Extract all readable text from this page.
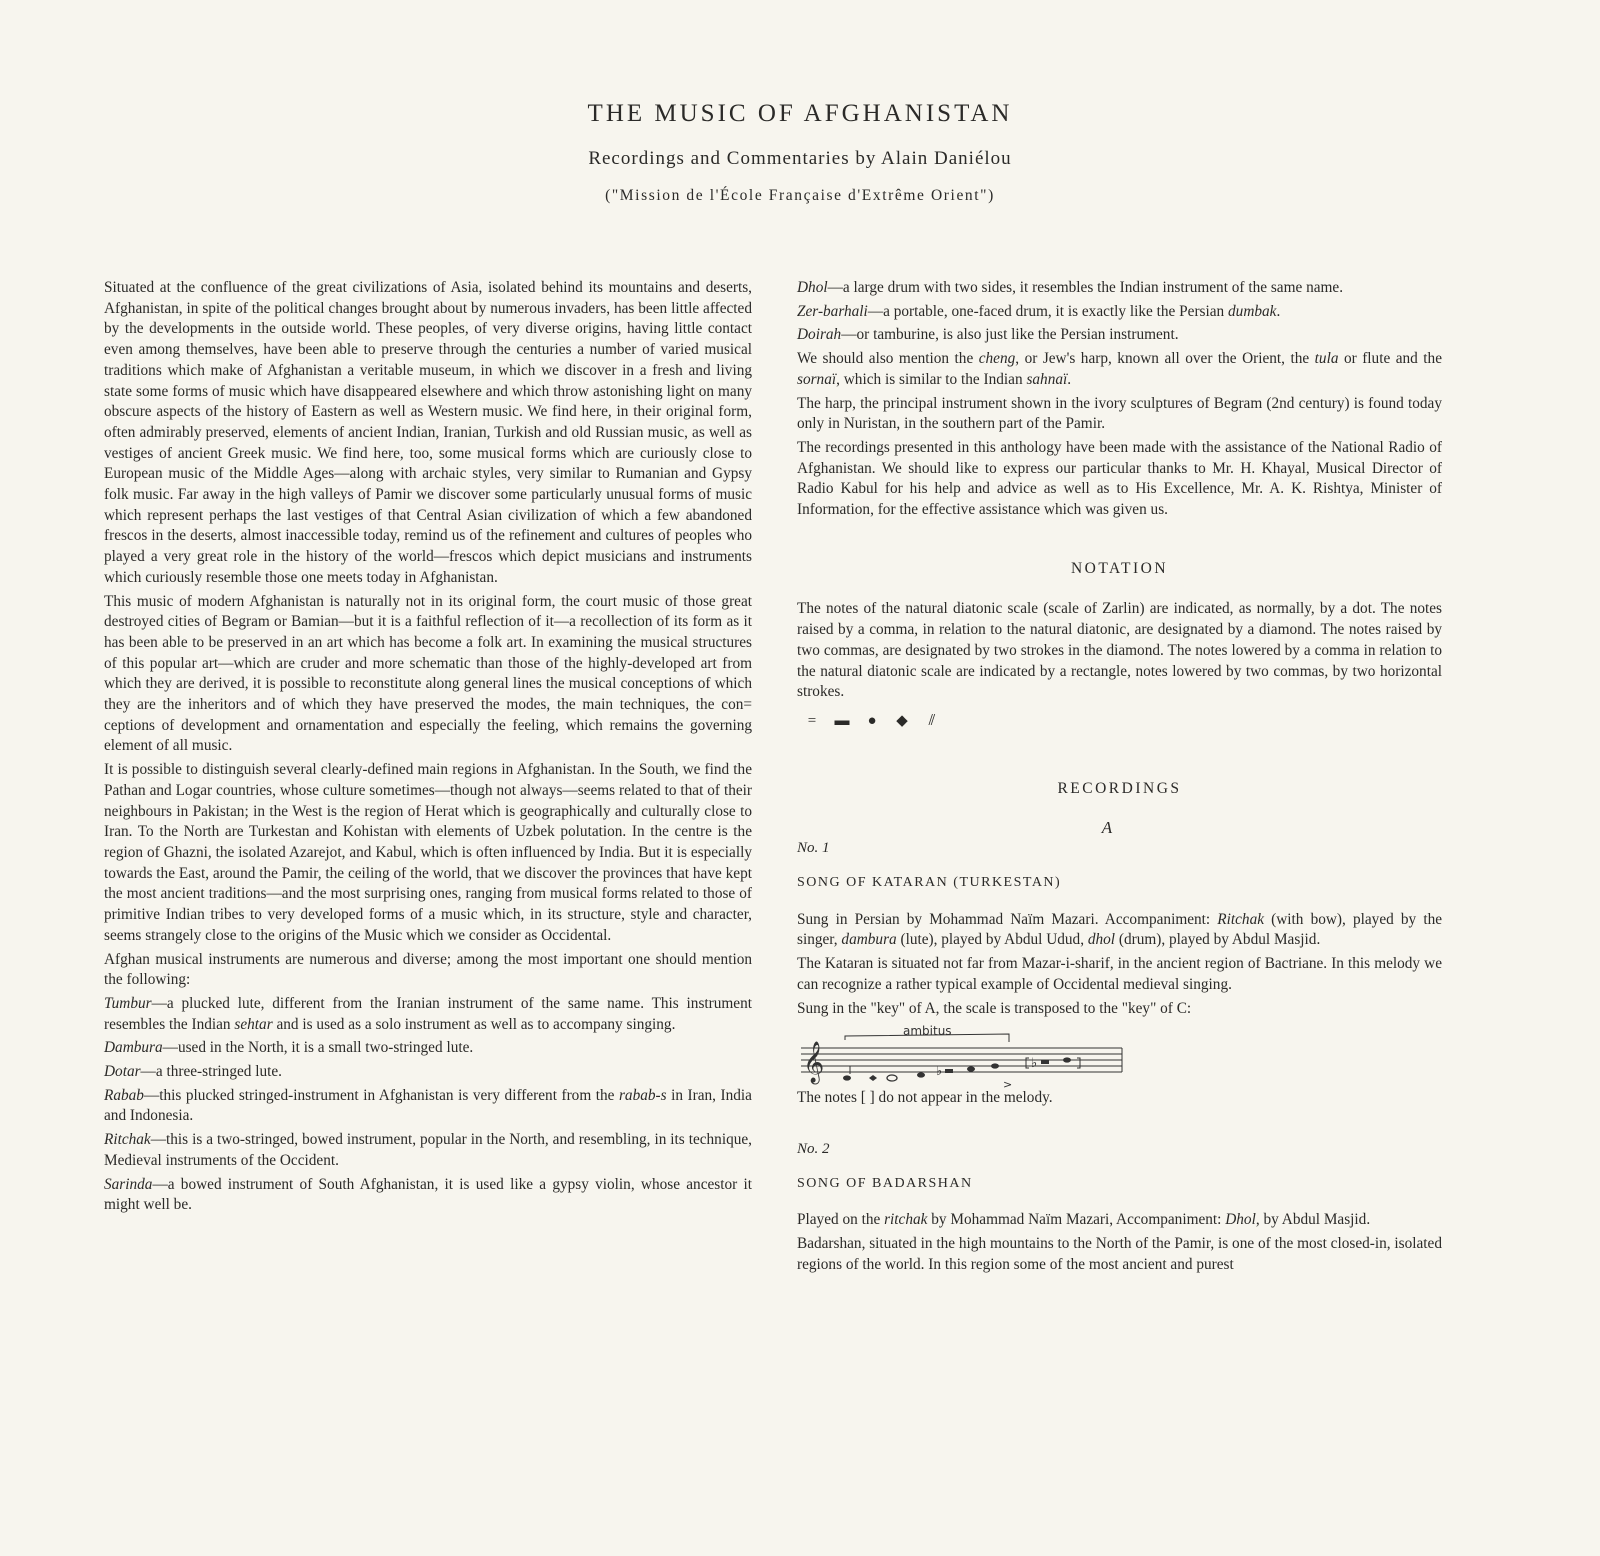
THE MUSIC OF AFGHANISTAN
Recordings and Commentaries by Alain Daniélou
("Mission de l'École Française d'Extrême Orient")

Situated at the confluence of the great civilizations of Asia, isolated behind its mountains and deserts, Afghanistan, in spite of the political changes brought about by numerous invaders, has been little affected by the developments in the outside world. These peoples, of very diverse origins, having little contact even among themselves, have been able to preserve through the centuries a number of varied musical traditions which make of Afghanistan a veritable museum, in which we discover in a fresh and living state some forms of music which have disappeared elsewhere and which throw astonishing light on many obscure aspects of the history of Eastern as well as Western music. We find here, in their original form, often admirably preserved, elements of ancient Indian, Iranian, Turkish and old Russian music, as well as vestiges of ancient Greek music. We find here, too, some musical forms which are curiously close to European music of the Middle Ages—along with archaic styles, very similar to Rumanian and Gypsy folk music. Far away in the high valleys of Pamir we discover some particularly unusual forms of music which represent perhaps the last vestiges of that Central Asian civilization of which a few abandoned frescos in the deserts, almost inaccessible today, remind us of the refinement and cultures of peoples who played a very great role in the history of the world—frescos which depict musicians and instruments which curiously resemble those one meets today in Afghanistan.

This music of modern Afghanistan is naturally not in its original form, the court music of those great destroyed cities of Begram or Bamian—but it is a faithful reflection of it—a recollection of its form as it has been able to be preserved in an art which has become a folk art. In examining the musical structures of this popular art—which are cruder and more schematic than those of the highly-developed art from which they are derived, it is possible to reconstitute along general lines the musical conceptions of which they are the inheritors and of which they have preserved the modes, the main techniques, the con= ceptions of development and ornamentation and especially the feeling, which remains the governing element of all music.

It is possible to distinguish several clearly-defined main regions in Afghanistan. In the South, we find the Pathan and Logar countries, whose culture sometimes—though not always—seems related to that of their neighbours in Pakistan; in the West is the region of Herat which is geographically and culturally close to Iran. To the North are Turkestan and Kohistan with elements of Uzbek polutation. In the centre is the region of Ghazni, the isolated Azarejot, and Kabul, which is often influenced by India. But it is especially towards the East, around the Pamir, the ceiling of the world, that we discover the provinces that have kept the most ancient traditions—and the most surprising ones, ranging from musical forms related to those of primitive Indian tribes to very developed forms of a music which, in its structure, style and character, seems strangely close to the origins of the Music which we consider as Occidental.

Afghan musical instruments are numerous and diverse; among the most important one should mention the following:

Tumbur—a plucked lute, different from the Iranian instrument of the same name. This instrument resembles the Indian sehtar and is used as a solo instrument as well as to accompany singing.

Dambura—used in the North, it is a small two-stringed lute.

Dotar—a three-stringed lute.

Rabab—this plucked stringed-instrument in Afghanistan is very different from the rabab-s in Iran, India and Indonesia.

Ritchak—this is a two-stringed, bowed instrument, popular in the North, and resembling, in its technique, Medieval instruments of the Occident.

Sarinda—a bowed instrument of South Afghanistan, it is used like a gypsy violin, whose ancestor it might well be.

Dhol—a large drum with two sides, it resembles the Indian instrument of the same name.

Zer-barhali—a portable, one-faced drum, it is exactly like the Persian dumbak.

Doirah—or tamburine, is also just like the Persian instrument.

We should also mention the cheng, or Jew's harp, known all over the Orient, the tula or flute and the sornaï, which is similar to the Indian sahnaï.

The harp, the principal instrument shown in the ivory sculptures of Begram (2nd century) is found today only in Nuristan, in the southern part of the Pamir.

The recordings presented in this anthology have been made with the assistance of the National Radio of Afghanistan. We should like to express our particular thanks to Mr. H. Khayal, Musical Director of Radio Kabul for his help and advice as well as to His Excellence, Mr. A. K. Rishtya, Minister of Information, for the effective assistance which was given us.

NOTATION

The notes of the natural diatonic scale (scale of Zarlin) are indicated, as normally, by a dot. The notes raised by a comma, in relation to the natural diatonic, are designated by a diamond. The notes raised by two commas, are designated by two strokes in the diamond. The notes lowered by a comma in relation to the natural diatonic scale are indicated by a rectangle, notes lowered by two commas, by two horizontal strokes.

=	▬	●	◆	⫽

RECORDINGS

A

No. 1

SONG OF KATARAN (TURKESTAN)

Sung in Persian by Mohammad Naïm Mazari. Accompaniment: Ritchak (with bow), played by the singer, dambura (lute), played by Abdul Udud, dhol (drum), played by Abdul Masjid.

The Kataran is situated not far from Mazar-i-sharif, in the ancient region of Bactriane. In this melody we can recognize a rather typical example of Occidental medieval singing.

Sung in the "key" of A, the scale is transposed to the "key" of C:

𝄞
ambitus
♭
>
♭

The notes [ ] do not appear in the melody.

No. 2

SONG OF BADARSHAN

Played on the ritchak by Mohammad Naïm Mazari, Accompaniment: Dhol, by Abdul Masjid.

Badarshan, situated in the high mountains to the North of the Pamir, is one of the most closed-in, isolated regions of the world. In this region some of the most ancient and purest
